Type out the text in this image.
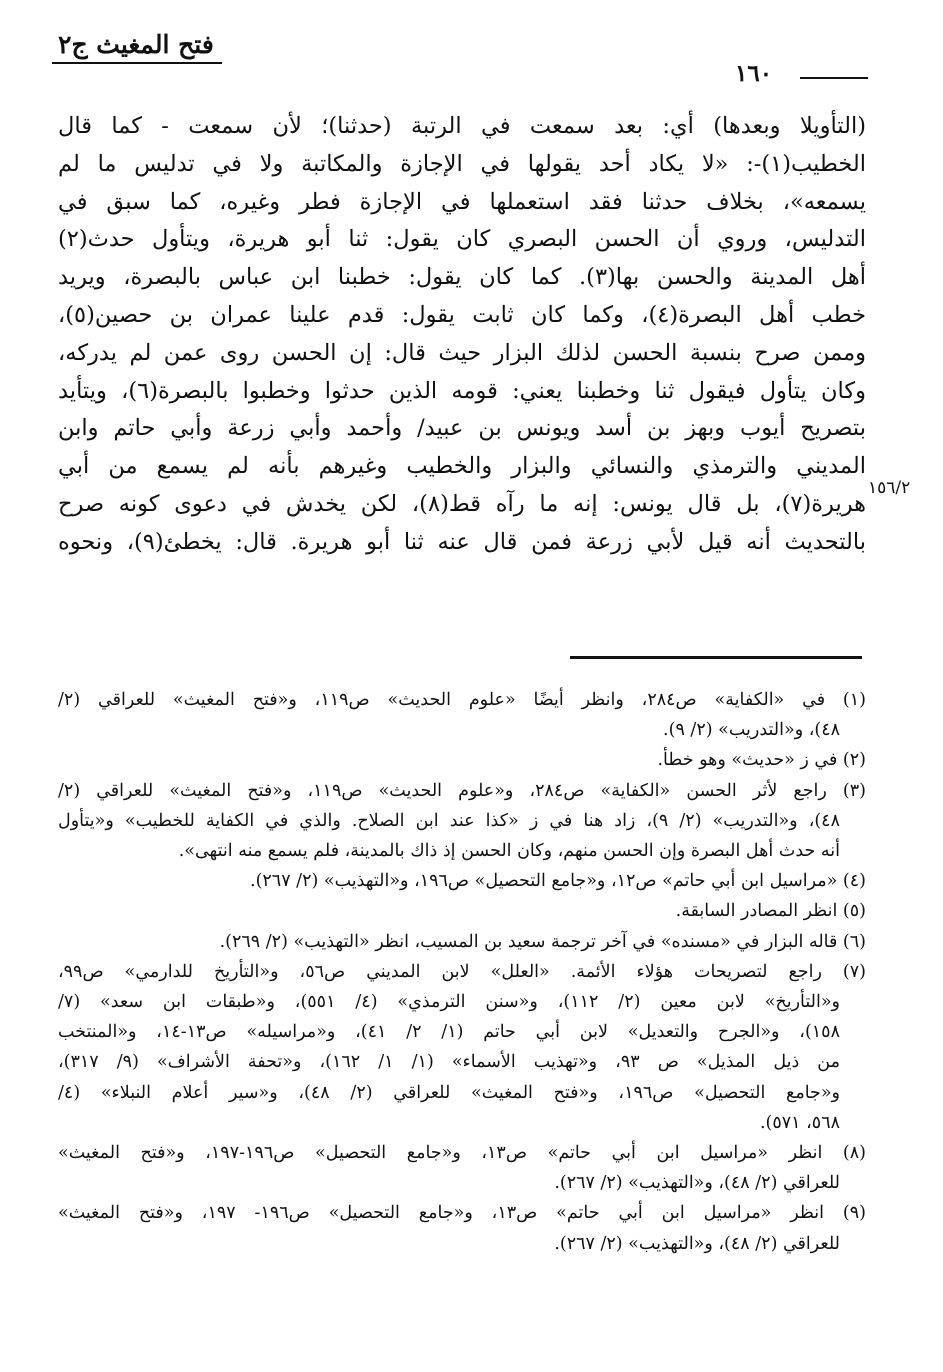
فتح المغيث ج٢
١٦٠
(التأويلا وبعدها) أي: بعد سمعت في الرتبة (حدثنا)؛ لأن سمعت - كما قال
الخطيب(١)-: «لا يكاد أحد يقولها في الإجازة والمكاتبة ولا في تدليس ما لم
يسمعه»، بخلاف حدثنا فقد استعملها في الإجازة فطر وغيره، كما سبق في
التدليس، وروي أن الحسن البصري كان يقول: ثنا أبو هريرة، ويتأول حدث(٢)
أهل المدينة والحسن بها(٣). كما كان يقول: خطبنا ابن عباس بالبصرة، ويريد
خطب أهل البصرة(٤)، وكما كان ثابت يقول: قدم علينا عمران بن حصين(٥)،
وممن صرح بنسبة الحسن لذلك البزار حيث قال: إن الحسن روى عمن لم يدركه،
وكان يتأول فيقول ثنا وخطبنا يعني: قومه الذين حدثوا وخطبوا بالبصرة(٦)، ويتأيد
بتصريح أيوب وبهز بن أسد ويونس بن عبيد/ وأحمد وأبي زرعة وأبي حاتم وابن
المديني والترمذي والنسائي والبزار والخطيب وغيرهم بأنه لم يسمع من أبي
هريرة(٧)، بل قال يونس: إنه ما رآه قط(٨)، لكن يخدش في دعوى كونه صرح
بالتحديث أنه قيل لأبي زرعة فمن قال عنه ثنا أبو هريرة. قال: يخطئ(٩)، ونحوه
١٥٦/٢
(١) في «الكفاية» ص٢٨٤، وانظر أيضًا «علوم الحديث» ص١١٩، و«فتح المغيث» للعراقي (٢/
٤٨)، و«التدريب» (٢/ ٩).
(٢) في ز «حديث» وهو خطأ.
(٣) راجع لأثر الحسن «الكفاية» ص٢٨٤، و«علوم الحديث» ص١١٩، و«فتح المغيث» للعراقي (٢/
٤٨)، و«التدريب» (٢/ ٩)، زاد هنا في ز «كذا عند ابن الصلاح. والذي في الكفاية للخطيب» و«يتأول
أنه حدث أهل البصرة وإن الحسن منهم، وكان الحسن إذ ذاك بالمدينة، فلم يسمع منه انتهى».
(٤) «مراسيل ابن أبي حاتم» ص١٢، و«جامع التحصيل» ص١٩٦، و«التهذيب» (٢/ ٢٦٧).
(٥) انظر المصادر السابقة.
(٦) قاله البزار في «مسنده» في آخر ترجمة سعيد بن المسيب، انظر «التهذيب» (٢/ ٢٦٩).
(٧) راجع لتصريحات هؤلاء الأئمة. «العلل» لابن المديني ص٥٦، و«التأريخ للدارمي» ص٩٩،
و«التأريخ» لابن معين (٢/ ١١٢)، و«سنن الترمذي» (٤/ ٥٥١)، و«طبقات ابن سعد» (٧/
١٥٨)، و«الجرح والتعديل» لابن أبي حاتم (١/ ٢/ ٤١)، و«مراسيله» ص١٣-١٤، و«المنتخب
من ذيل المذيل» ص ٩٣، و«تهذيب الأسماء» (١/ ١/ ١٦٢)، و«تحفة الأشراف» (٩/ ٣١٧)،
و«جامع التحصيل» ص١٩٦، و«فتح المغيث» للعراقي (٢/ ٤٨)، و«سير أعلام النبلاء» (٤/
٥٦٨، ٥٧١).
(٨) انظر «مراسيل ابن أبي حاتم» ص١٣، و«جامع التحصيل» ص١٩٦-١٩٧، و«فتح المغيث»
للعراقي (٢/ ٤٨)، و«التهذيب» (٢/ ٢٦٧).
(٩) انظر «مراسيل ابن أبي حاتم» ص١٣، و«جامع التحصيل» ص١٩٦- ١٩٧، و«فتح المغيث»
للعراقي (٢/ ٤٨)، و«التهذيب» (٢/ ٢٦٧).
